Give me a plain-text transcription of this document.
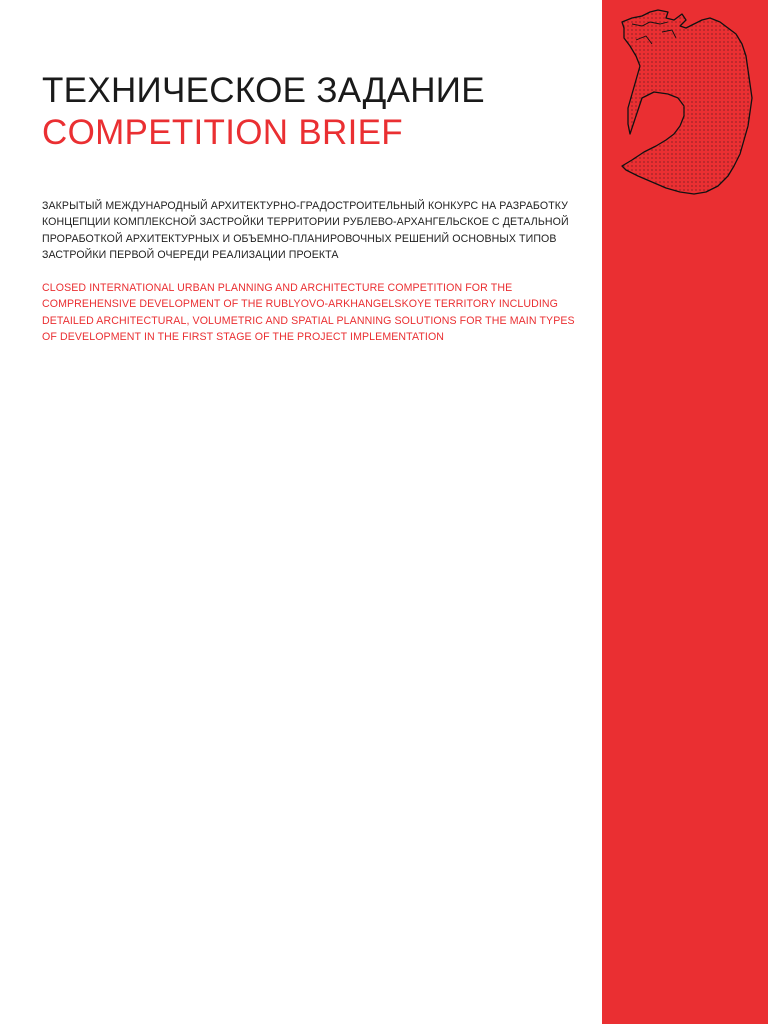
ТЕХНИЧЕСКОЕ ЗАДАНИЕ
COMPETITION BRIEF

ЗАКРЫТЫЙ МЕЖДУНАРОДНЫЙ АРХИТЕКТУРНО-ГРАДОСТРОИТЕЛЬНЫЙ КОНКУРС НА РАЗРАБОТКУ КОНЦЕПЦИИ КОМПЛЕКСНОЙ ЗАСТРОЙКИ ТЕРРИТОРИИ РУБЛЕВО-АРХАНГЕЛЬСКОЕ С ДЕТАЛЬНОЙ ПРОРАБОТКОЙ АРХИТЕКТУРНЫХ И ОБЪЕМНО-ПЛАНИРОВОЧНЫХ РЕШЕНИЙ ОСНОВНЫХ ТИПОВ ЗАСТРОЙКИ ПЕРВОЙ ОЧЕРЕДИ РЕАЛИЗАЦИИ ПРОЕКТА

CLOSED INTERNATIONAL URBAN PLANNING AND ARCHITECTURE COMPETITION FOR THE COMPREHENSIVE DEVELOPMENT OF THE RUBLYOVO-ARKHANGELSKOYE TERRITORY INCLUDING DETAILED ARCHITECTURAL, VOLUMETRIC AND SPATIAL PLANNING SOLUTIONS FOR THE MAIN TYPES OF DEVELOPMENT IN THE FIRST STAGE OF THE PROJECT IMPLEMENTATION
